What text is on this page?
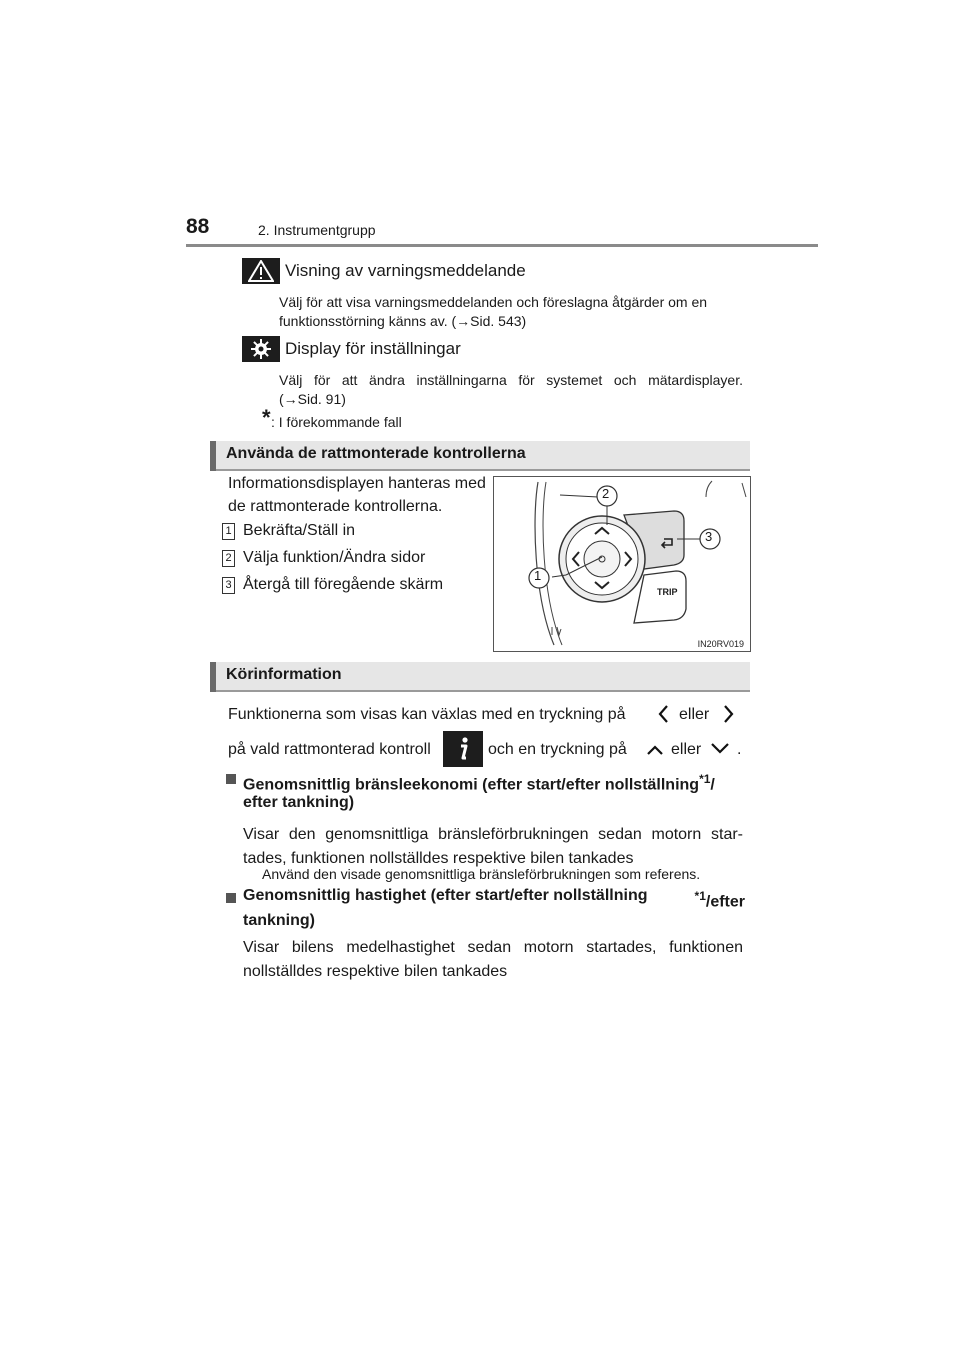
88	2. Instrumentgrupp
Visning av varningsmeddelande
Välj för att visa varningsmeddelanden och föreslagna åtgärder om en
funktionsstörning känns av. (→Sid. 543)
Display för inställningar
Välj för att ändra inställningarna för systemet och mätardisplayer.
(→Sid. 91)
* : I förekommande fall
Använda de rattmonterade kontrollerna
Informationsdisplayen hanteras med
de rattmonterade kontrollerna.
1 Bekräfta/Ställ in
2 Välja funktion/Ändra sidor
3 Återgå till föregående skärm
2
3
1
TRIP
IN20RV019
Körinformation
Funktionerna som visas kan växlas med en tryckning på	eller
på vald rattmonterad kontroll	och en tryckning på	eller .
Genomsnittlig bränsleekonomi (efter start/efter nollställning$^{*1}$/
efter tankning)
Visar den genomsnittliga bränsleförbrukningen sedan motorn star-
tades, funktionen nollställdes respektive bilen tankades
Använd den visade genomsnittliga bränsleförbrukningen som referens.
Genomsnittlig hastighet (efter start/efter nollställning	$^{*1}$/efter
tankning)
Visar bilens medelhastighet sedan motorn startades, funktionen
nollställdes respektive bilen tankades
